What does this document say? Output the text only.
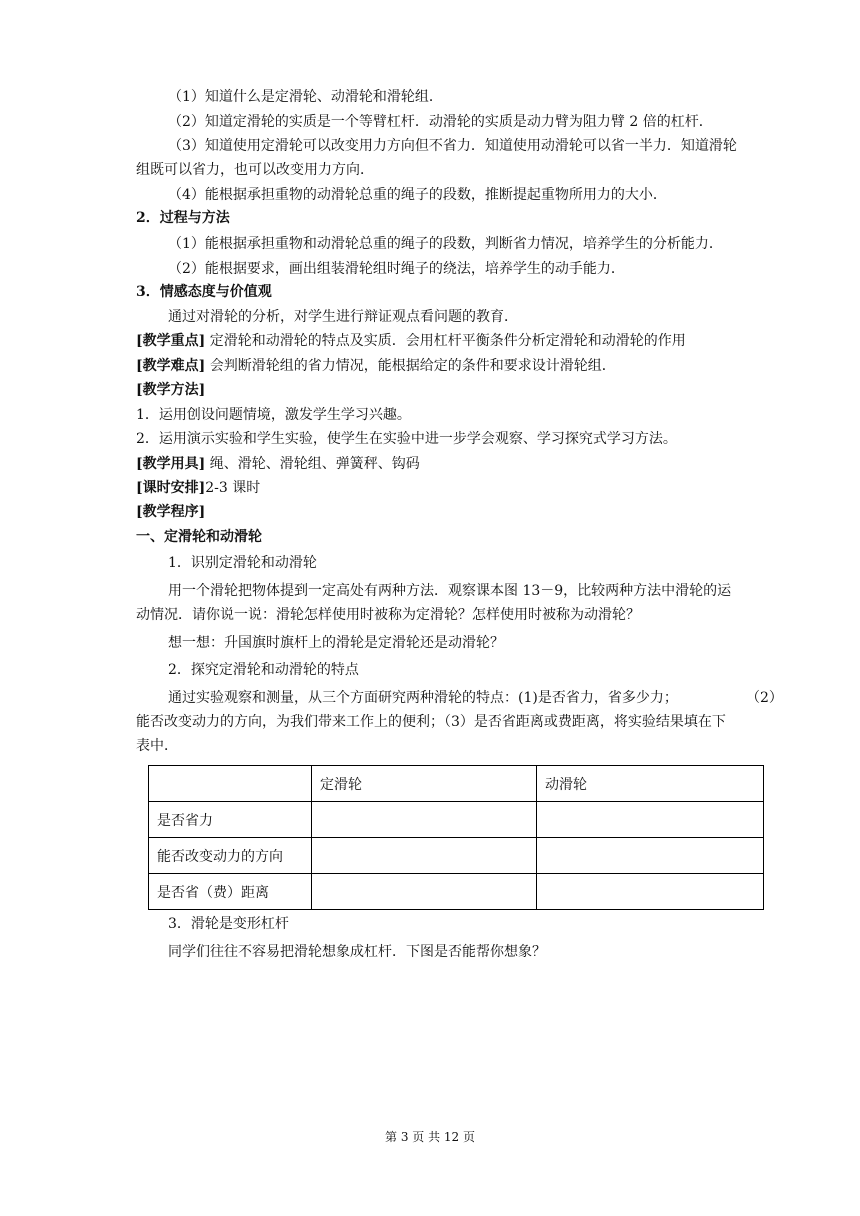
（1）知道什么是定滑轮、动滑轮和滑轮组．
（2）知道定滑轮的实质是一个等臂杠杆．动滑轮的实质是动力臂为阻力臂 2 倍的杠杆．
（3）知道使用定滑轮可以改变用力方向但不省力．知道使用动滑轮可以省一半力．知道滑轮
组既可以省力，也可以改变用力方向．
（4）能根据承担重物的动滑轮总重的绳子的段数，推断提起重物所用力的大小．
2．过程与方法
（1）能根据承担重物和动滑轮总重的绳子的段数，判断省力情况，培养学生的分析能力．
（2）能根据要求，画出组装滑轮组时绳子的绕法，培养学生的动手能力．
3．情感态度与价值观
通过对滑轮的分析，对学生进行辩证观点看问题的教育．
[教学重点] 定滑轮和动滑轮的特点及实质．会用杠杆平衡条件分析定滑轮和动滑轮的作用
[教学难点] 会判断滑轮组的省力情况，能根据给定的条件和要求设计滑轮组．
[教学方法]
1．运用创设问题情境，激发学生学习兴趣。
2．运用演示实验和学生实验，使学生在实验中进一步学会观察、学习探究式学习方法。
[教学用具] 绳、滑轮、滑轮组、弹簧秤、钩码
[课时安排]2-3 课时
[教学程序]
一、定滑轮和动滑轮
1．识别定滑轮和动滑轮
用一个滑轮把物体提到一定高处有两种方法．观察课本图 13－9，比较两种方法中滑轮的运
动情况．请你说一说：滑轮怎样使用时被称为定滑轮？怎样使用时被称为动滑轮？
想一想：升国旗时旗杆上的滑轮是定滑轮还是动滑轮？
2．探究定滑轮和动滑轮的特点
通过实验观察和测量，从三个方面研究两种滑轮的特点：(1)是否省力，省多少力；	（2）
能否改变动力的方向，为我们带来工作上的便利；（3）是否省距离或费距离，将实验结果填在下
表中．
	定滑轮	动滑轮
是否省力		
能否改变动力的方向		
是否省（费）距离		
3．滑轮是变形杠杆
同学们往往不容易把滑轮想象成杠杆．下图是否能帮你想象？
第 3 页 共 12 页
